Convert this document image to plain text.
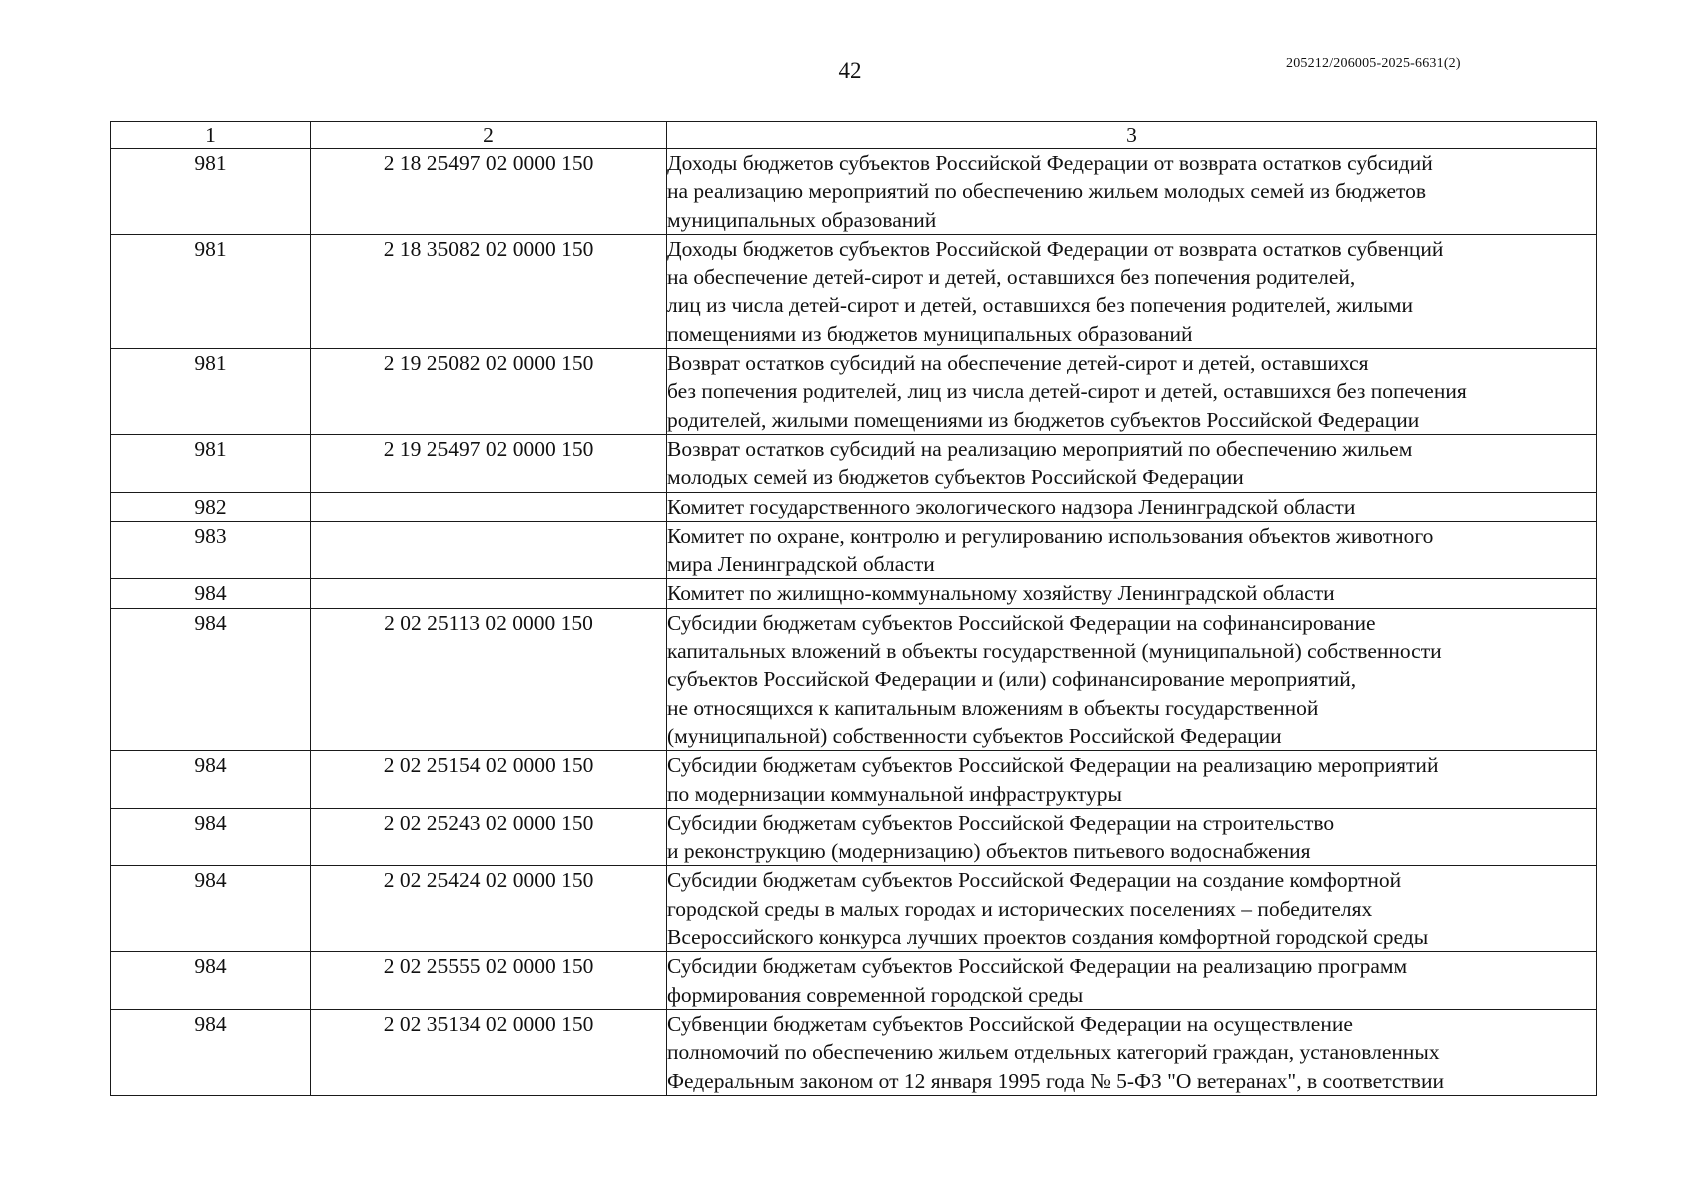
42	205212/206005-2025-6631(2)
1	2	3
981	2 18 25497 02 0000 150	Доходы бюджетов субъектов Российской Федерации от возврата остатков субсидий
на реализацию мероприятий по обеспечению жильем молодых семей из бюджетов
муниципальных образований

981	2 18 35082 02 0000 150	Доходы бюджетов субъектов Российской Федерации от возврата остатков субвенций
на обеспечение детей-сирот и детей, оставшихся без попечения родителей,
лиц из числа детей-сирот и детей, оставшихся без попечения родителей, жилыми
помещениями из бюджетов муниципальных образований

981	2 19 25082 02 0000 150	Возврат остатков субсидий на обеспечение детей-сирот и детей, оставшихся
без попечения родителей, лиц из числа детей-сирот и детей, оставшихся без попечения
родителей, жилыми помещениями из бюджетов субъектов Российской Федерации

981	2 19 25497 02 0000 150	Возврат остатков субсидий на реализацию мероприятий по обеспечению жильем
молодых семей из бюджетов субъектов Российской Федерации

982		Комитет государственного экологического надзора Ленинградской области

983		Комитет по охране, контролю и регулированию использования объектов животного
мира Ленинградской области

984		Комитет по жилищно-коммунальному хозяйству Ленинградской области

984	2 02 25113 02 0000 150	Субсидии бюджетам субъектов Российской Федерации на софинансирование
капитальных вложений в объекты государственной (муниципальной) собственности
субъектов Российской Федерации и (или) софинансирование мероприятий,
не относящихся к капитальным вложениям в объекты государственной
(муниципальной) собственности субъектов Российской Федерации

984	2 02 25154 02 0000 150	Субсидии бюджетам субъектов Российской Федерации на реализацию мероприятий
по модернизации коммунальной инфраструктуры

984	2 02 25243 02 0000 150	Субсидии бюджетам субъектов Российской Федерации на строительство
и реконструкцию (модернизацию) объектов питьевого водоснабжения

984	2 02 25424 02 0000 150	Субсидии бюджетам субъектов Российской Федерации на создание комфортной
городской среды в малых городах и исторических поселениях – победителях
Всероссийского конкурса лучших проектов создания комфортной городской среды

984	2 02 25555 02 0000 150	Субсидии бюджетам субъектов Российской Федерации на реализацию программ
формирования современной городской среды

984	2 02 35134 02 0000 150	Субвенции бюджетам субъектов Российской Федерации на осуществление
полномочий по обеспечению жильем отдельных категорий граждан, установленных
Федеральным законом от 12 января 1995 года № 5-ФЗ "О ветеранах", в соответствии
